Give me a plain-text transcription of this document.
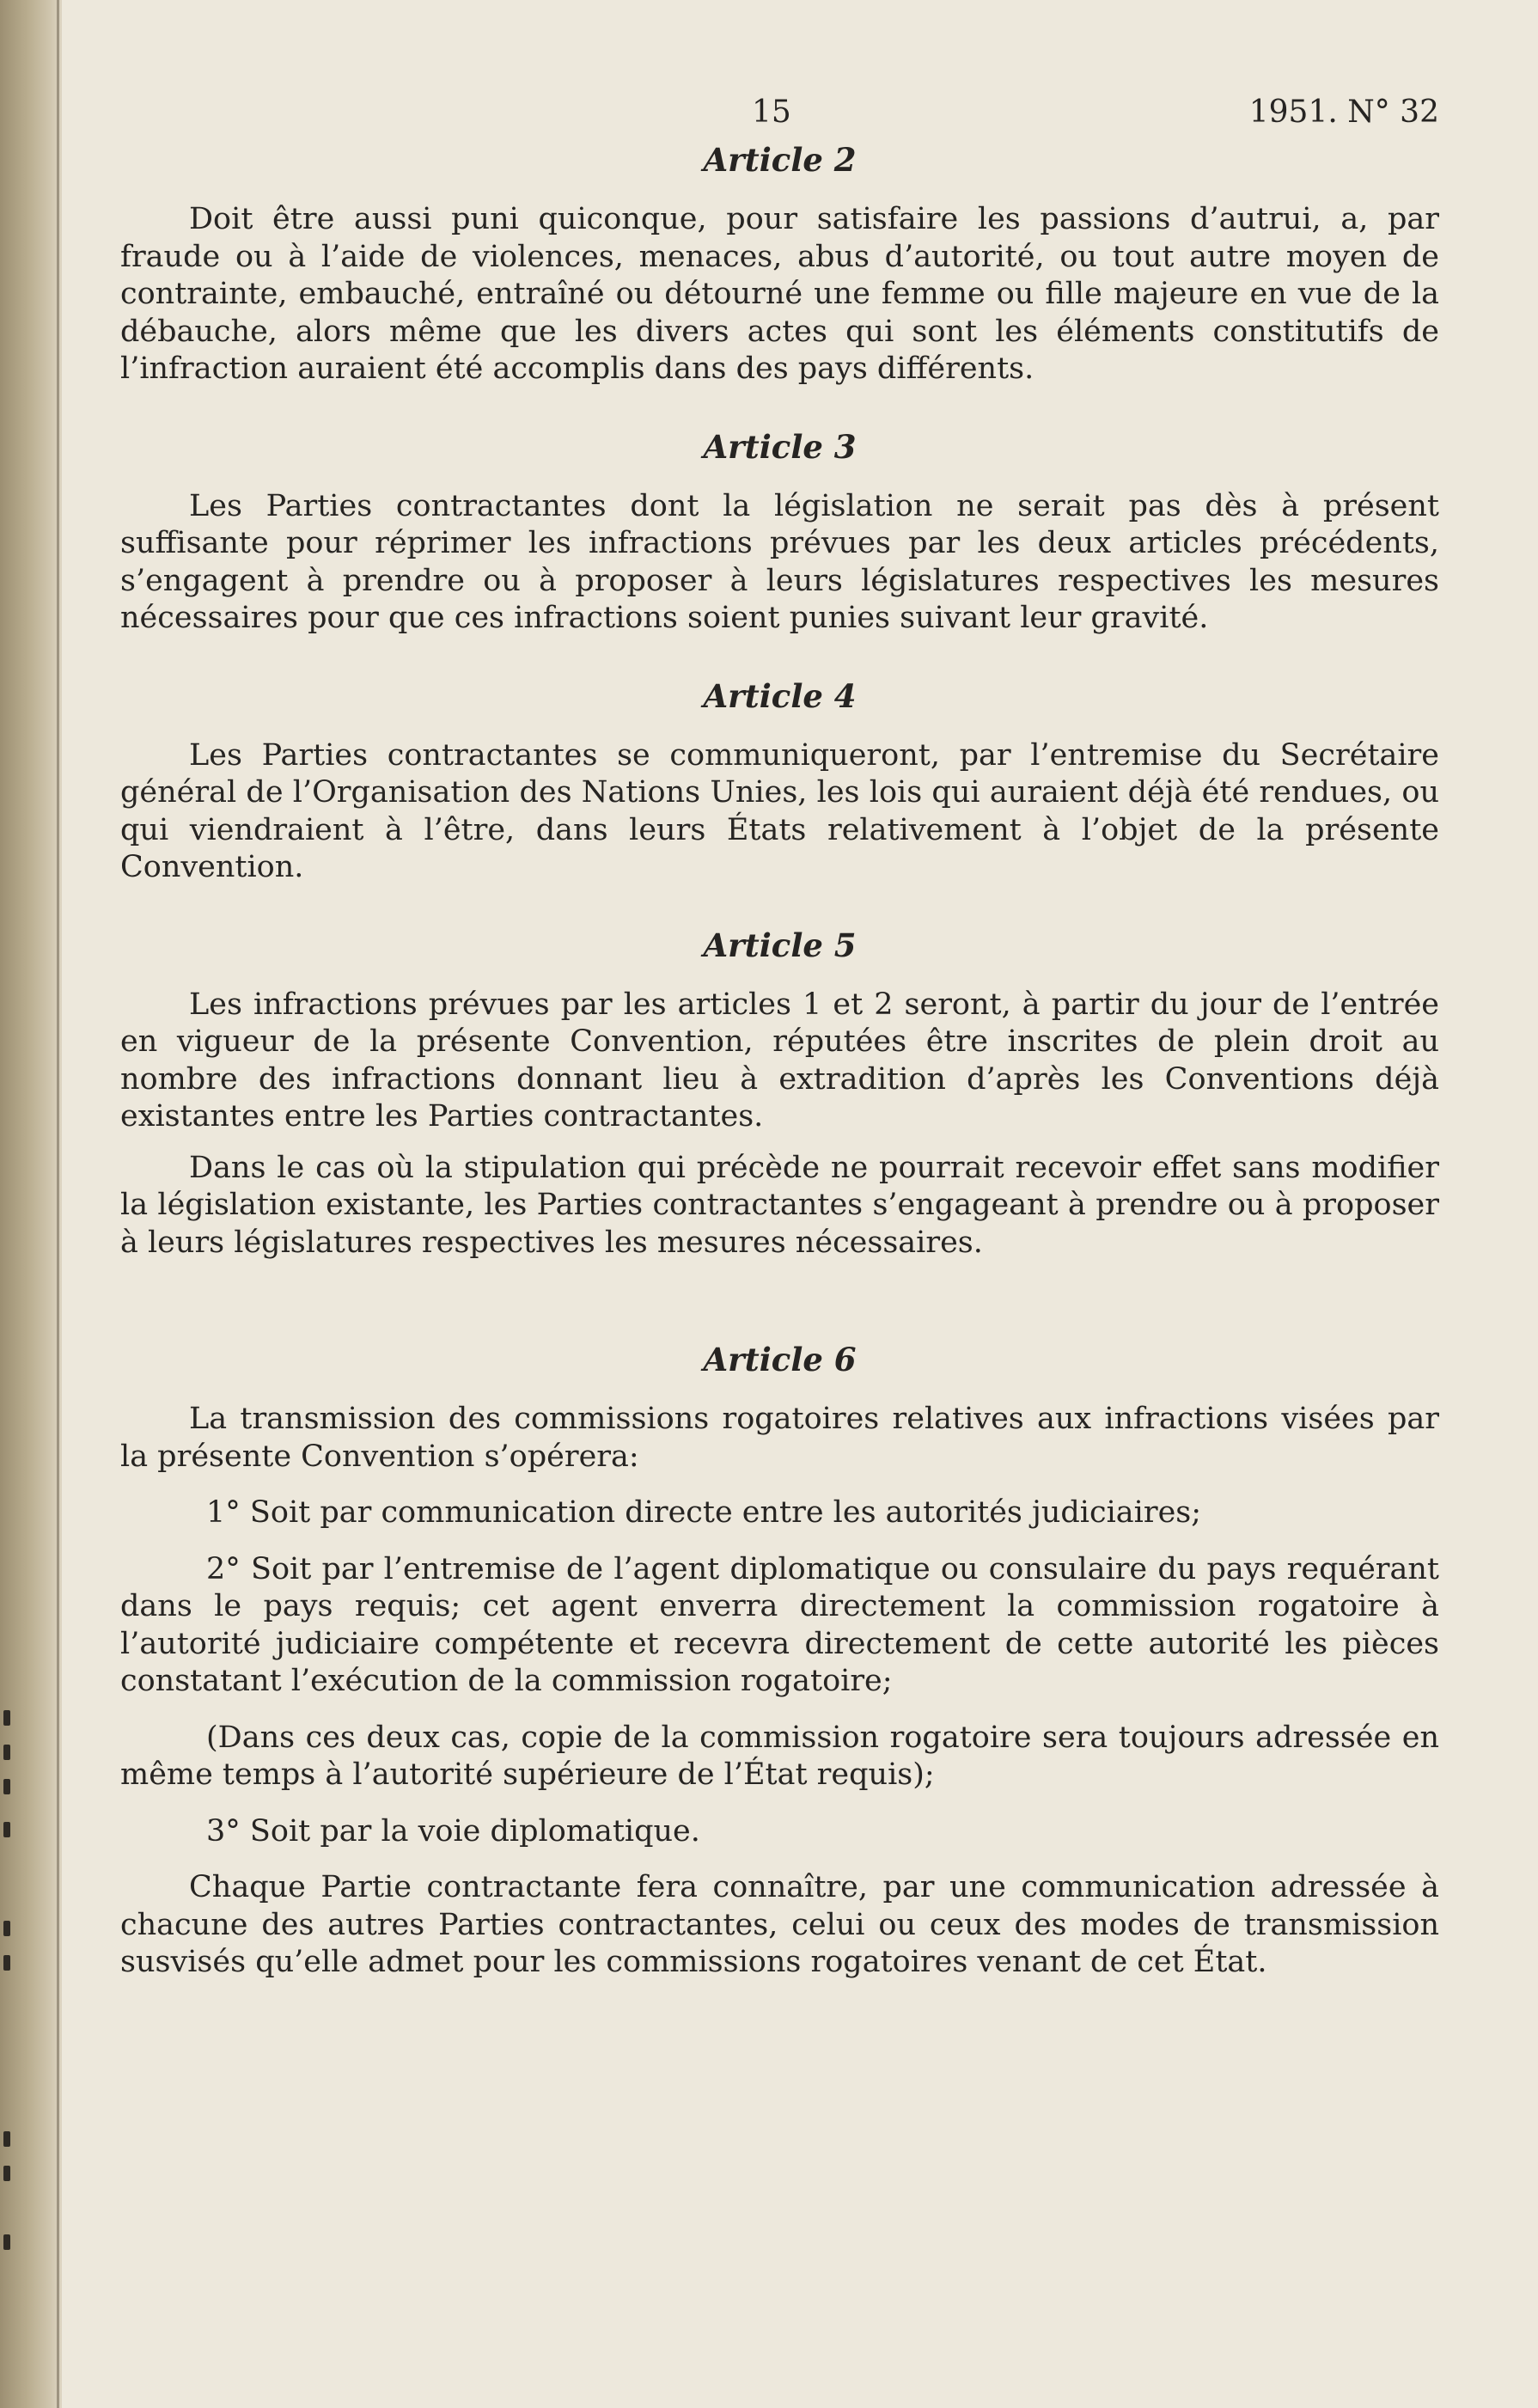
15	1951. N° 32
Article 2

Doit être aussi puni quiconque, pour satisfaire les passions d’autrui, a, par fraude ou à l’aide de violences, menaces, abus d’autorité, ou tout autre moyen de contrainte, embauché, entraîné ou détourné une femme ou fille majeure en vue de la débauche, alors même que les divers actes qui sont les éléments constitutifs de l’infraction auraient été accomplis dans des pays différents.

Article 3

Les Parties contractantes dont la législation ne serait pas dès à présent suffisante pour réprimer les infractions prévues par les deux articles précédents, s’engagent à prendre ou à proposer à leurs législatures respectives les mesures nécessaires pour que ces infractions soient punies suivant leur gravité.

Article 4

Les Parties contractantes se communiqueront, par l’entremise du Secrétaire général de l’Organisation des Nations Unies, les lois qui auraient déjà été rendues, ou qui viendraient à l’être, dans leurs États relativement à l’objet de la présente Convention.

Article 5

Les infractions prévues par les articles 1 et 2 seront, à partir du jour de l’entrée en vigueur de la présente Convention, réputées être inscrites de plein droit au nombre des infractions donnant lieu à extradition d’après les Conventions déjà existantes entre les Parties contractantes.

Dans le cas où la stipulation qui précède ne pourrait recevoir effet sans modifier la législation existante, les Parties contractantes s’engageant à prendre ou à proposer à leurs législatures respectives les mesures nécessaires.

Article 6

La transmission des commissions rogatoires relatives aux infractions visées par la présente Convention s’opérera:

1° Soit par communication directe entre les autorités judiciaires;

2° Soit par l’entremise de l’agent diplomatique ou consulaire du pays requérant dans le pays requis; cet agent enverra directement la commission rogatoire à l’autorité judiciaire compétente et recevra directement de cette autorité les pièces constatant l’exécution de la commission rogatoire;

(Dans ces deux cas, copie de la commission rogatoire sera toujours adressée en même temps à l’autorité supérieure de l’État requis);

3° Soit par la voie diplomatique.

Chaque Partie contractante fera connaître, par une communication adressée à chacune des autres Parties contractantes, celui ou ceux des modes de transmission susvisés qu’elle admet pour les commissions rogatoires venant de cet État.
